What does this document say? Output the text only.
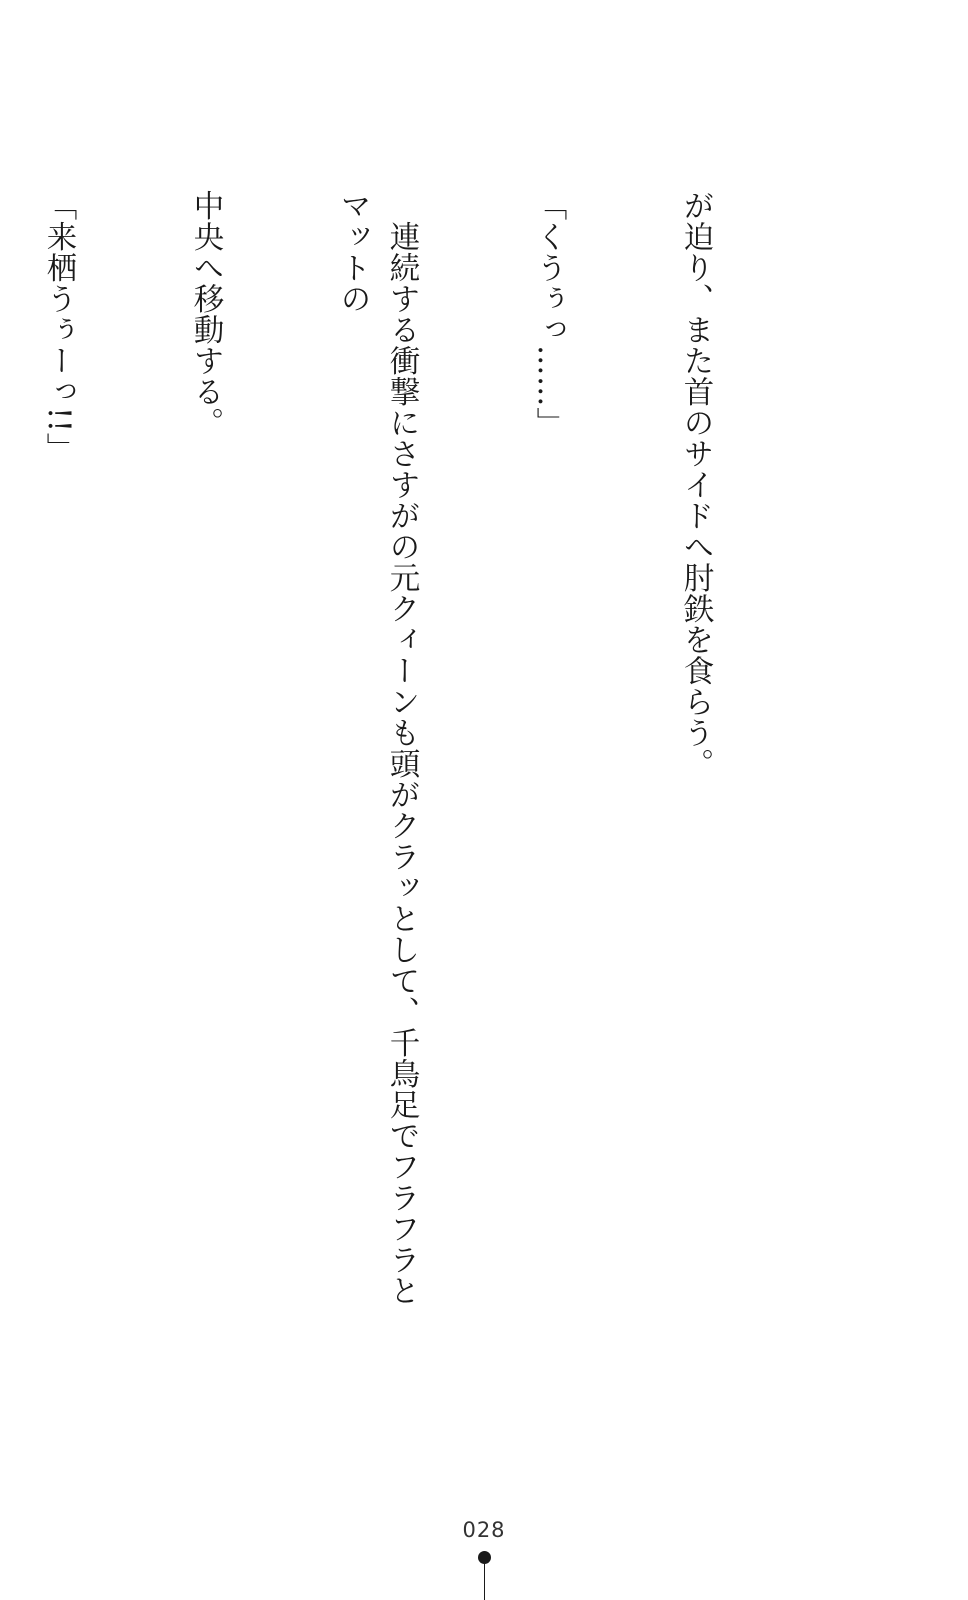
が迫り、また首のサイドへ肘鉄を食らう。

「くうぅっ……」

　連続する衝撃にさすがの元クィーンも頭がクラッとして、千鳥足でフラフラとマットの

中央へ移動する。

「来栖うぅーっ!!」

028
